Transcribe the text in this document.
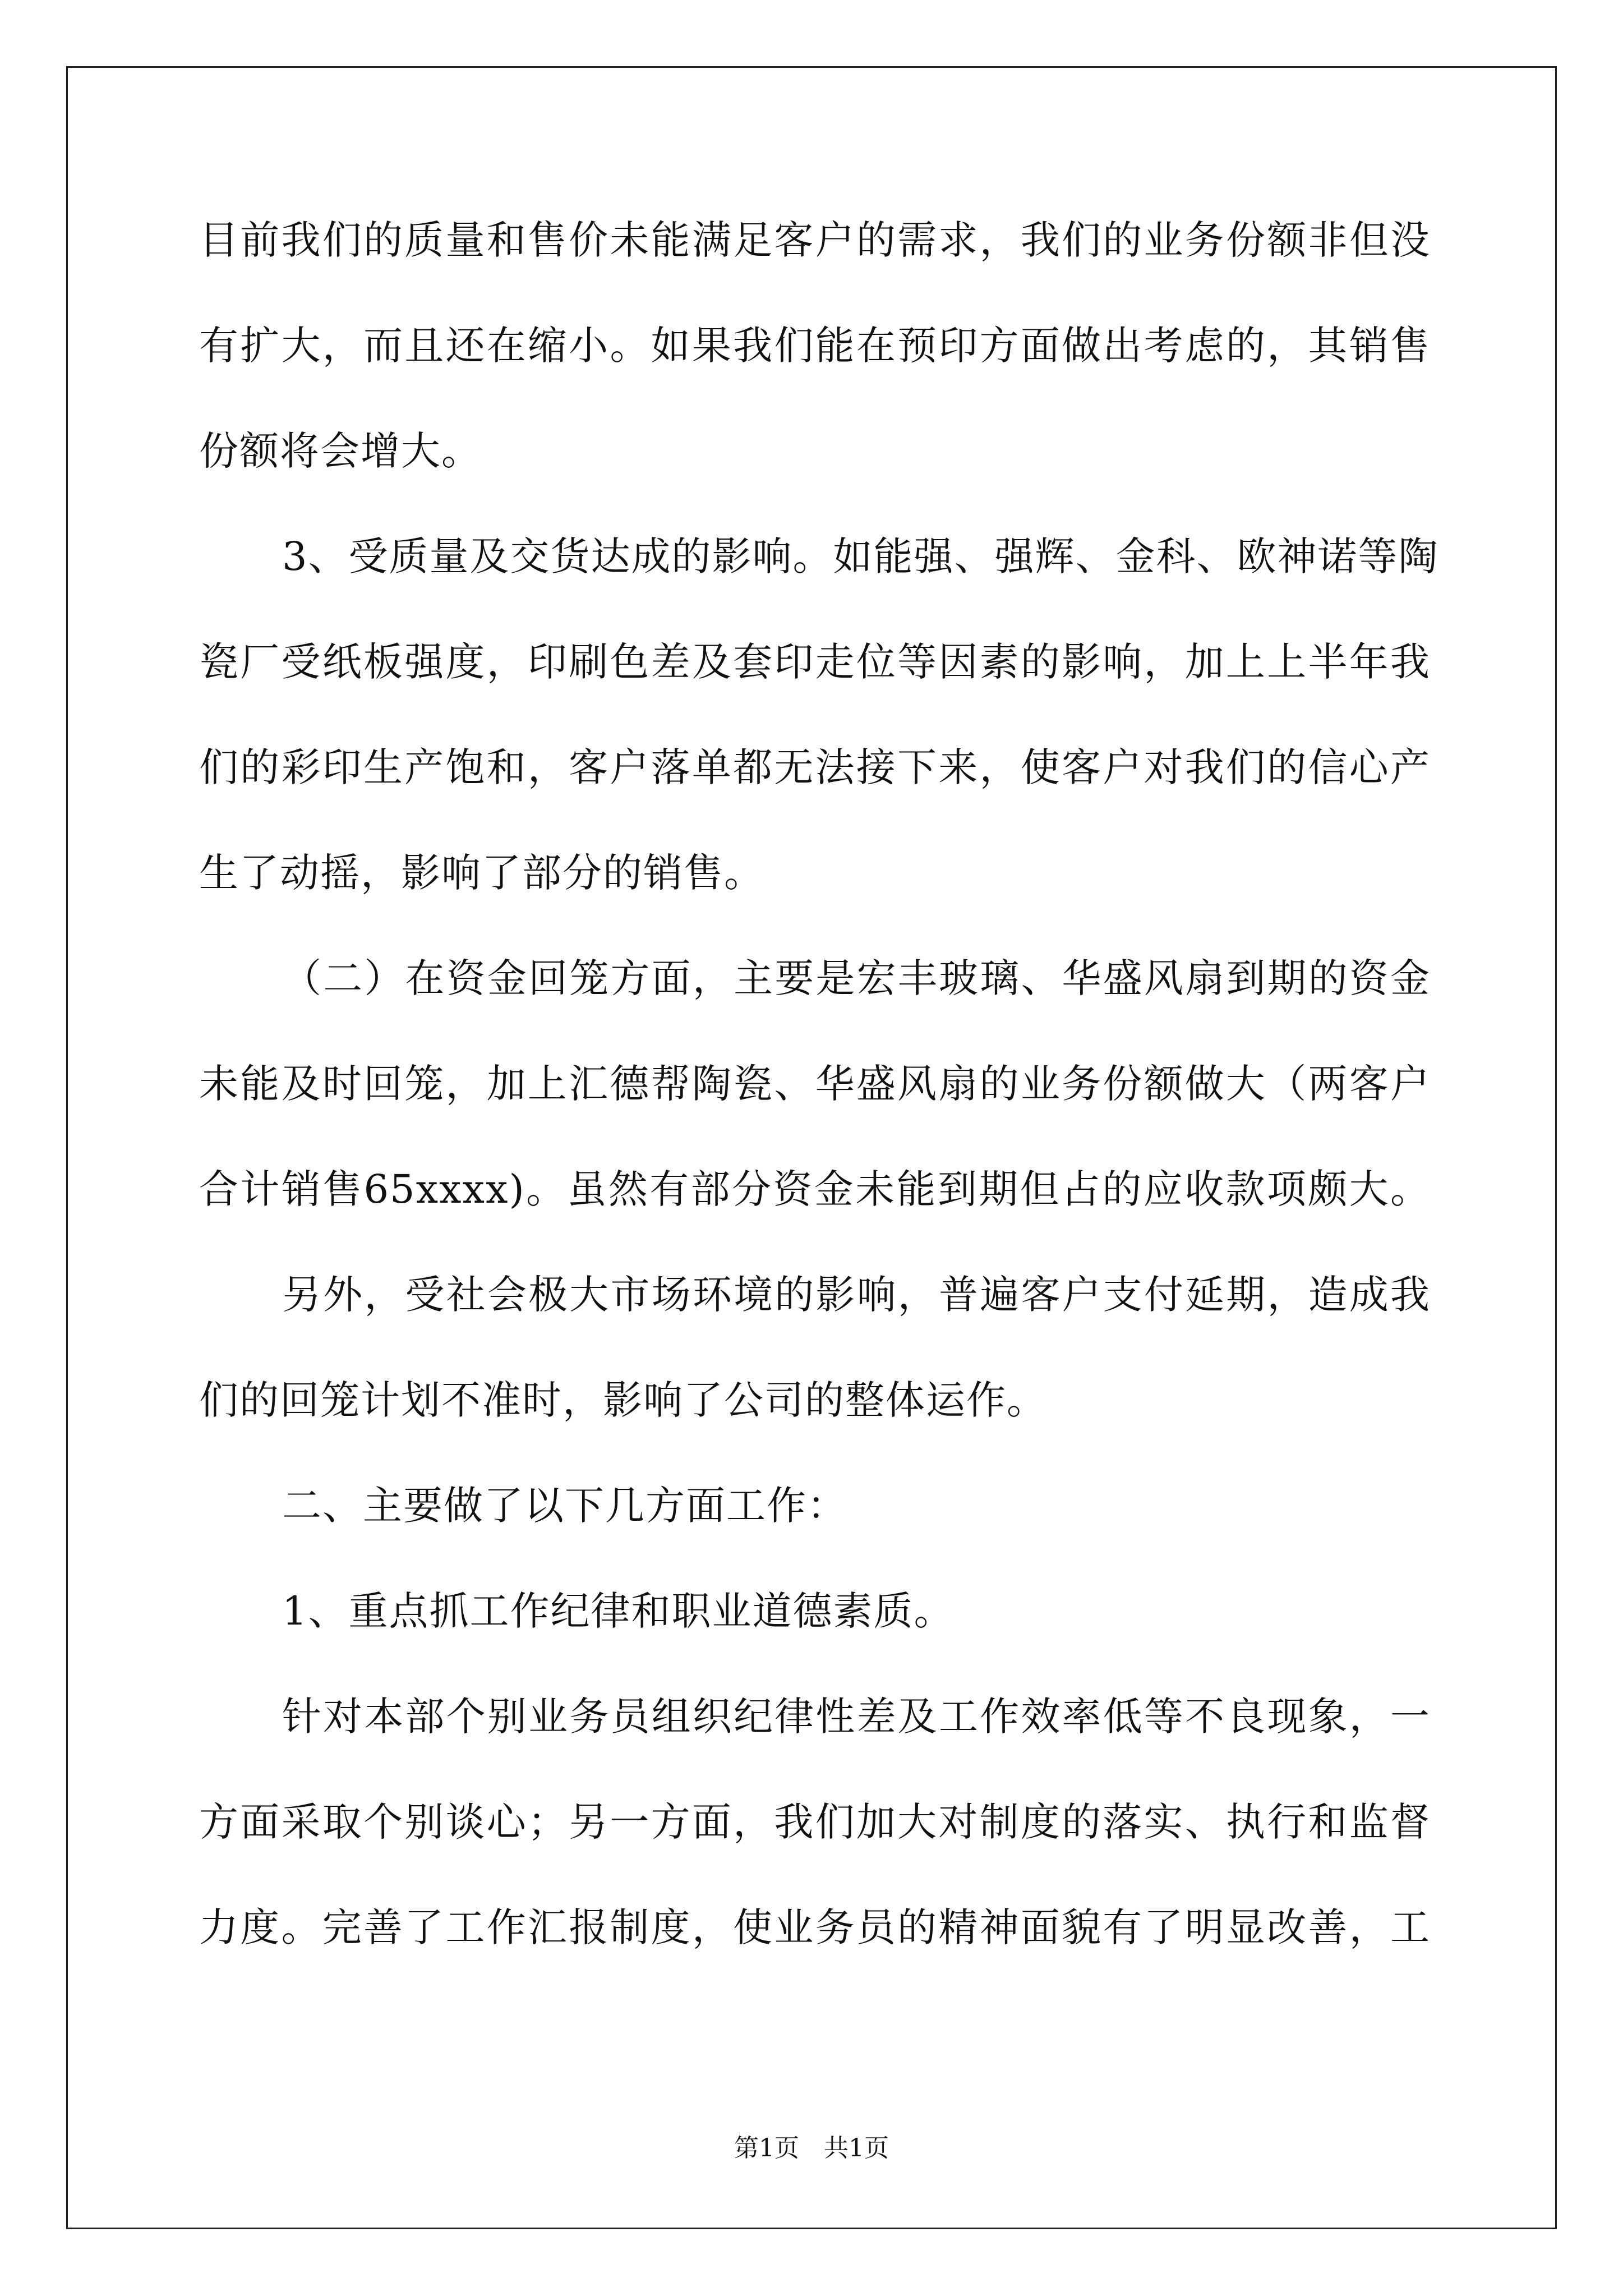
目前我们的质量和售价未能满足客户的需求，我们的业务份额非但没
有扩大，而且还在缩小。如果我们能在预印方面做出考虑的，其销售
份额将会增大。
3、受质量及交货达成的影响。如能强、强辉、金科、欧神诺等陶
瓷厂受纸板强度，印刷色差及套印走位等因素的影响，加上上半年我
们的彩印生产饱和，客户落单都无法接下来，使客户对我们的信心产
生了动摇，影响了部分的销售。
（二）在资金回笼方面，主要是宏丰玻璃、华盛风扇到期的资金
未能及时回笼，加上汇德帮陶瓷、华盛风扇的业务份额做大（两客户
合计销售65xxxx)。虽然有部分资金未能到期但占的应收款项颇大。
另外，受社会极大市场环境的影响，普遍客户支付延期，造成我
们的回笼计划不准时，影响了公司的整体运作。
二、主要做了以下几方面工作：
1、重点抓工作纪律和职业道德素质。
针对本部个别业务员组织纪律性差及工作效率低等不良现象，一
方面采取个别谈心；另一方面，我们加大对制度的落实、执行和监督
力度。完善了工作汇报制度，使业务员的精神面貌有了明显改善，工
第1页　共1页
